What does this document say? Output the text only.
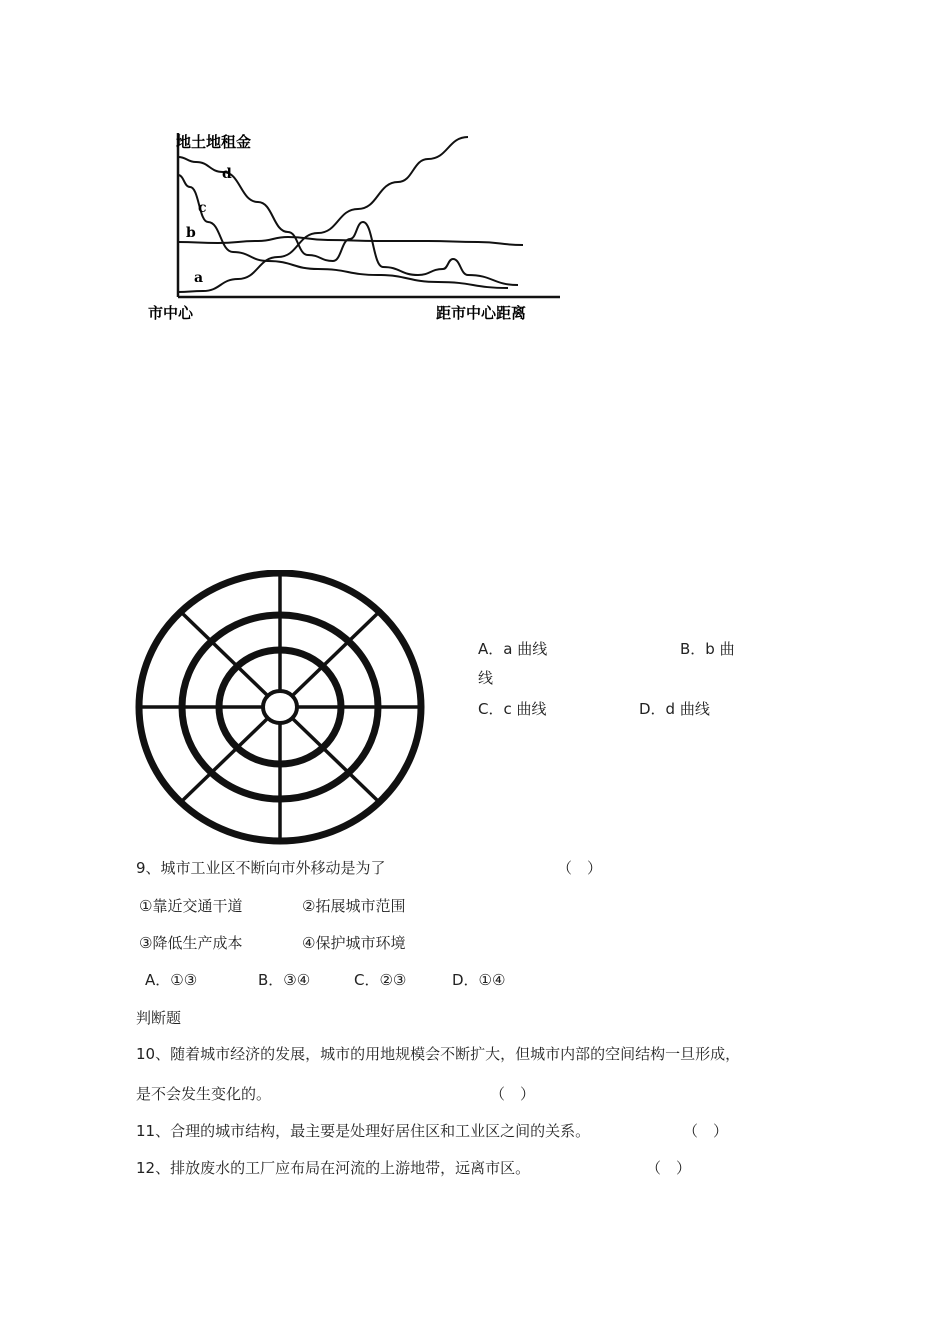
地土地租金
市中心	距市中心距离
d
c
b
a
A．a 曲线	B．b 曲
线
C．c 曲线	D．d 曲线
9、城市工业区不断向市外移动是为了	（　）
①靠近交通干道	②拓展城市范围
③降低生产成本	④保护城市环境
A．①③	B．③④	C．②③	D．①④
判断题
10、随着城市经济的发展，城市的用地规模会不断扩大，但城市内部的空间结构一旦形成，
是不会发生变化的。	（　）
11、合理的城市结构，最主要是处理好居住区和工业区之间的关系。	（　）
12、排放废水的工厂应布局在河流的上游地带，远离市区。	（　）
